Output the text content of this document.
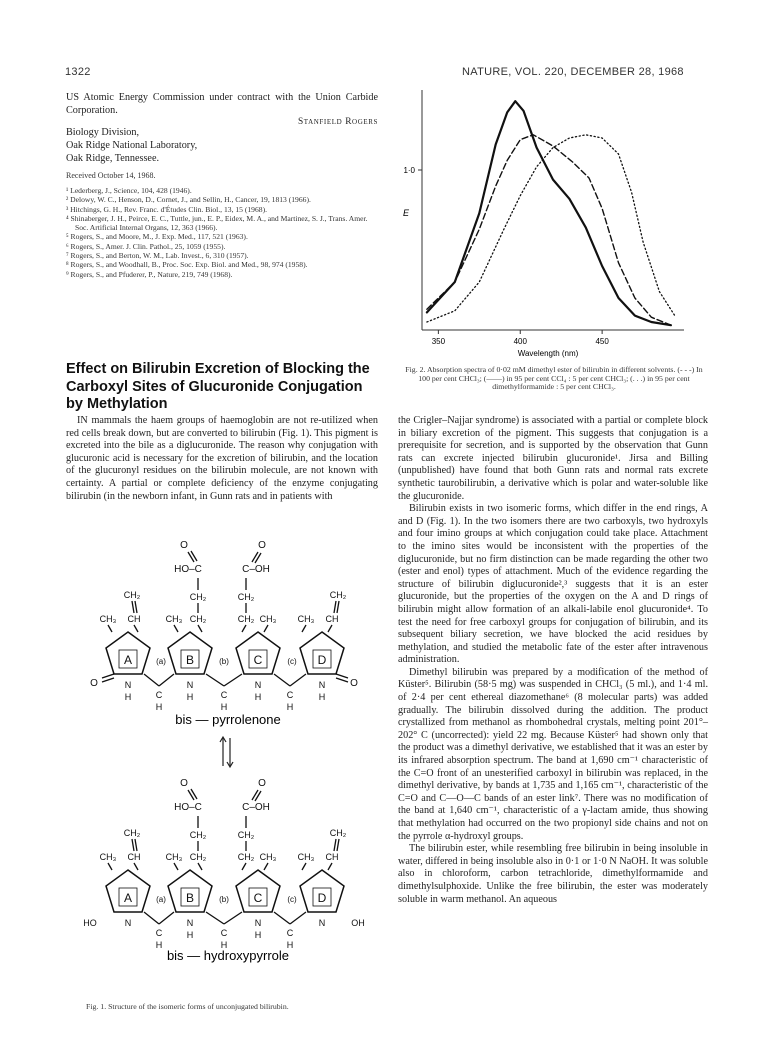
1322	NATURE, VOL. 220, DECEMBER 28, 1968
US Atomic Energy Commission under contract with the Union Carbide Corporation.
Stanfield Rogers
Biology Division,
Oak Ridge National Laboratory,
Oak Ridge, Tennessee.
Received October 14, 1968.
¹ Lederberg, J., Science, 104, 428 (1946).
² Delowy, W. C., Henson, D., Cornet, J., and Sellin, H., Cancer, 19, 1813 (1966).
³ Hitchings, G. H., Rev. Franc. d'Études Clin. Biol., 13, 15 (1968).
⁴ Shinaberger, J. H., Peirce, E. C., Tuttle, jun., E. P., Eidex, M. A., and Martinez, S. J., Trans. Amer. Soc. Artificial Internal Organs, 12, 363 (1966).
⁵ Rogers, S., and Moore, M., J. Exp. Med., 117, 521 (1963).
⁶ Rogers, S., Amer. J. Clin. Pathol., 25, 1059 (1955).
⁷ Rogers, S., and Berton, W. M., Lab. Invest., 6, 310 (1957).
⁸ Rogers, S., and Woodhall, B., Proc. Soc. Exp. Biol. and Med., 98, 974 (1958).
⁹ Rogers, S., and Pfuderer, P., Nature, 219, 749 (1968).
Effect on Bilirubin Excretion of Blocking the Carboxyl Sites of Glucuronide Conjugation by Methylation
IN mammals the haem groups of haemoglobin are not re-utilized when red cells break down, but are converted to bilirubin (Fig. 1). This pigment is excreted into the bile as a diglucuronide. The reason why conjugation with glucuronic acid is necessary for the excretion of bilirubin, and the location of the glucuronyl residues on the bilirubin molecule, are not known with certainty. A partial or complete deficiency of the enzyme conjugating bilirubin (in the newborn infant, in Gunn rats and in patients with
350	400	450
1·0
E
Wavelength (nm)
Fig. 2. Absorption spectra of 0·02 mM dimethyl ester of bilirubin in different solvents. (- - -) In 100 per cent CHCl₃; (——) in 95 per cent CCl₄ : 5 per cent CHCl₃; (. . .) in 95 per cent dimethylformamide : 5 per cent CHCl₃.

the Crigler–Najjar syndrome) is associated with a partial or complete block in biliary excretion of the pigment. This suggests that conjugation is a prerequisite for secretion, and is supported by the observation that Gunn rats can excrete injected bilirubin glucuronide¹. Jirsa and Billing (unpublished) have found that both Gunn rats and normal rats excrete synthetic taurobilirubin, a derivative which is polar and water-soluble like the glucuronide.

Bilirubin exists in two isomeric forms, which differ in the end rings, A and D (Fig. 1). In the two isomers there are two carboxyls, two hydroxyls and four imino groups at which conjugation could take place. Attachment to the imino sites would be inconsistent with the properties of the diglucuronide, but no firm distinction can be made regarding the other two (ester and enol) types of attachment. Much of the evidence regarding the structure of bilirubin diglucuronide²,³ suggests that it is an ester glucuronide, but the properties of the oxygen on the A and D rings of bilirubin might allow formation of an alkali-labile enol glucuronide⁴. To test the need for free carboxyl groups for conjugation of bilirubin, and its subsequent biliary secretion, we have blocked the acid residues by methylation, and studied the metabolic fate of the ester after intravenous administration.

Dimethyl bilirubin was prepared by a modification of the method of Küster⁵. Bilirubin (58·5 mg) was suspended in CHCl₃ (5 ml.), and 1·4 ml. of 2·4 per cent ethereal diazomethane⁶ (8 molecular parts) was added gradually. The bilirubin dissolved during the addition. The product crystallized from methanol as rhombohedral crystals, melting point 201°–202° C (uncorrected): yield 22 mg. Because Küster⁵ had shown only that the product was a dimethyl derivative, we established that it was an ester by its infrared absorption spectrum. The band at 1,690 cm⁻¹ characteristic of the C=O front of an unesterified carboxyl in bilirubin was replaced, in the dimethyl derivative, by bands at 1,735 and 1,165 cm⁻¹, characteristic of the C=O and C—O—C bands of an ester link⁷. There was no modification of the band at 1,640 cm⁻¹, characteristic of a γ-lactam amide, thus showing that methylation had occurred on the two propionyl side chains and not on the pyrrole α-hydroxyl groups.

The bilirubin ester, while resembling free bilirubin in being insoluble in water, differed in being insoluble also in 0·1 or 1·0 N NaOH. It was soluble also in chloroform, carbon tetrachloride, dimethylformamide and dimethylsulphoxide. Unlike the free bilirubin, the ester was moderately soluble in warm methanol. An aqueous

A
N
B
N
H
C
N
H
D
N
C
H
(a)
C
H
(b)
C
H
(c)
CH₃ CH	CH₃ CH₂	CH₂ CH₃ CH₃ CH
CH₂	CH₂
CH₂	CH₂
HO–C	C–OH
O	O
O	O
H	H
A
N
B
N
H
C
N
H
D
N
C
H
(a)
C
H
(b)
C
H
(c)
CH₃ CH	CH₃ CH₂	CH₂ CH₃ CH₃ CH
CH₂	CH₂
CH₂	CH₂
HO–C	C–OH
O	O
HO	OH
bis — pyrrolenone
bis — hydroxypyrrole
Fig. 1. Structure of the isomeric forms of unconjugated bilirubin.
